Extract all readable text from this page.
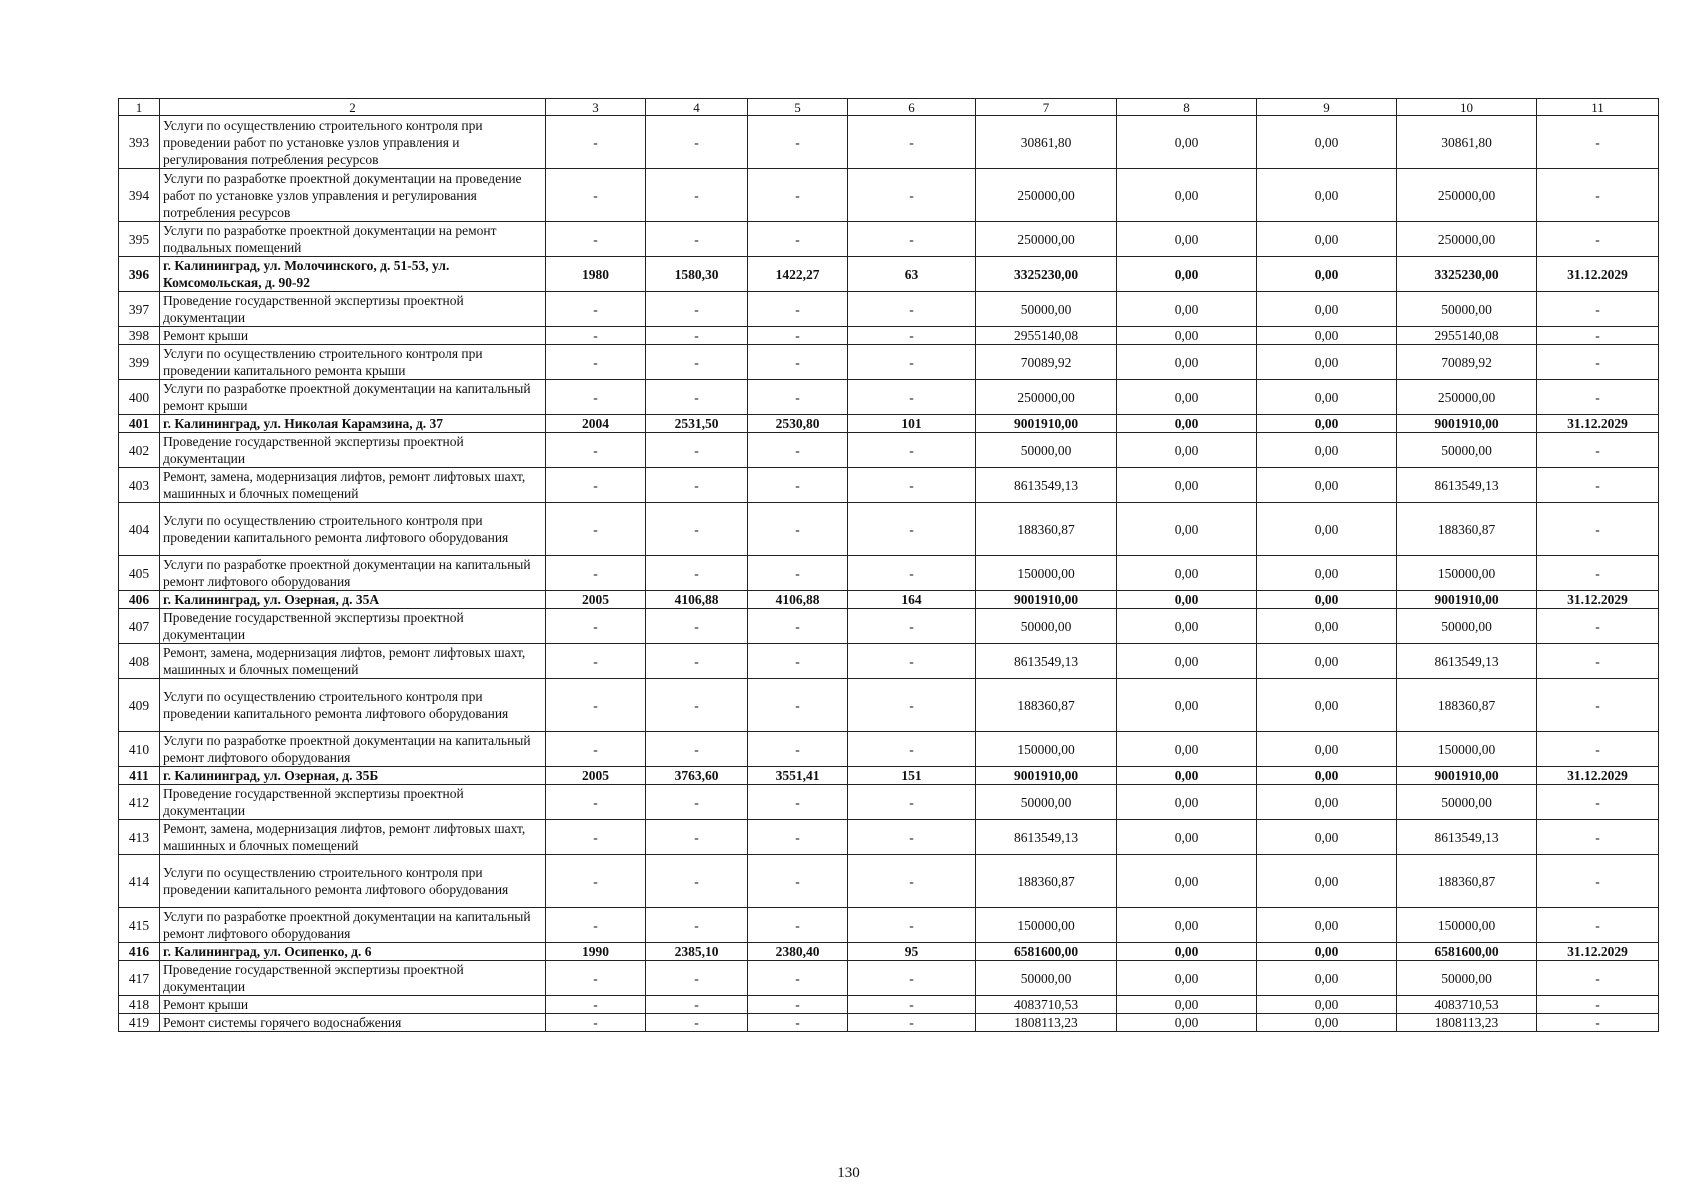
1	2	3	4	5	6	7	8	9	10	11
393	Услуги по осуществлению строительного контроля при проведении работ по установке узлов управления и регулирования потребления ресурсов	-	-	-	-	30861,80	0,00	0,00	30861,80	-
394	Услуги по разработке проектной документации на проведение работ по установке узлов управления и регулирования потребления ресурсов	-	-	-	-	250000,00	0,00	0,00	250000,00	-
395	Услуги по разработке проектной документации на ремонт подвальных помещений	-	-	-	-	250000,00	0,00	0,00	250000,00	-
396	г. Калининград, ул. Молочинского, д. 51-53, ул. Комсомольская, д. 90-92	1980	1580,30	1422,27	63	3325230,00	0,00	0,00	3325230,00	31.12.2029
397	Проведение государственной экспертизы проектной документации	-	-	-	-	50000,00	0,00	0,00	50000,00	-
398	Ремонт крыши	-	-	-	-	2955140,08	0,00	0,00	2955140,08	-
399	Услуги по осуществлению строительного контроля при проведении капитального ремонта крыши	-	-	-	-	70089,92	0,00	0,00	70089,92	-
400	Услуги по разработке проектной документации на капитальный ремонт крыши	-	-	-	-	250000,00	0,00	0,00	250000,00	-
401	г. Калининград, ул. Николая Карамзина, д. 37	2004	2531,50	2530,80	101	9001910,00	0,00	0,00	9001910,00	31.12.2029
402	Проведение государственной экспертизы проектной документации	-	-	-	-	50000,00	0,00	0,00	50000,00	-
403	Ремонт, замена, модернизация лифтов, ремонт лифтовых шахт, машинных и блочных помещений	-	-	-	-	8613549,13	0,00	0,00	8613549,13	-
404	Услуги по осуществлению строительного контроля при проведении капитального ремонта лифтового оборудования	-	-	-	-	188360,87	0,00	0,00	188360,87	-
405	Услуги по разработке проектной документации на капитальный ремонт лифтового оборудования	-	-	-	-	150000,00	0,00	0,00	150000,00	-
406	г. Калининград, ул. Озерная, д. 35А	2005	4106,88	4106,88	164	9001910,00	0,00	0,00	9001910,00	31.12.2029
407	Проведение государственной экспертизы проектной документации	-	-	-	-	50000,00	0,00	0,00	50000,00	-
408	Ремонт, замена, модернизация лифтов, ремонт лифтовых шахт, машинных и блочных помещений	-	-	-	-	8613549,13	0,00	0,00	8613549,13	-
409	Услуги по осуществлению строительного контроля при проведении капитального ремонта лифтового оборудования	-	-	-	-	188360,87	0,00	0,00	188360,87	-
410	Услуги по разработке проектной документации на капитальный ремонт лифтового оборудования	-	-	-	-	150000,00	0,00	0,00	150000,00	-
411	г. Калининград, ул. Озерная, д. 35Б	2005	3763,60	3551,41	151	9001910,00	0,00	0,00	9001910,00	31.12.2029
412	Проведение государственной экспертизы проектной документации	-	-	-	-	50000,00	0,00	0,00	50000,00	-
413	Ремонт, замена, модернизация лифтов, ремонт лифтовых шахт, машинных и блочных помещений	-	-	-	-	8613549,13	0,00	0,00	8613549,13	-
414	Услуги по осуществлению строительного контроля при проведении капитального ремонта лифтового оборудования	-	-	-	-	188360,87	0,00	0,00	188360,87	-
415	Услуги по разработке проектной документации на капитальный ремонт лифтового оборудования	-	-	-	-	150000,00	0,00	0,00	150000,00	-
416	г. Калининград, ул. Осипенко, д. 6	1990	2385,10	2380,40	95	6581600,00	0,00	0,00	6581600,00	31.12.2029
417	Проведение государственной экспертизы проектной документации	-	-	-	-	50000,00	0,00	0,00	50000,00	-
418	Ремонт крыши	-	-	-	-	4083710,53	0,00	0,00	4083710,53	-
419	Ремонт системы горячего водоснабжения	-	-	-	-	1808113,23	0,00	0,00	1808113,23	-
130
